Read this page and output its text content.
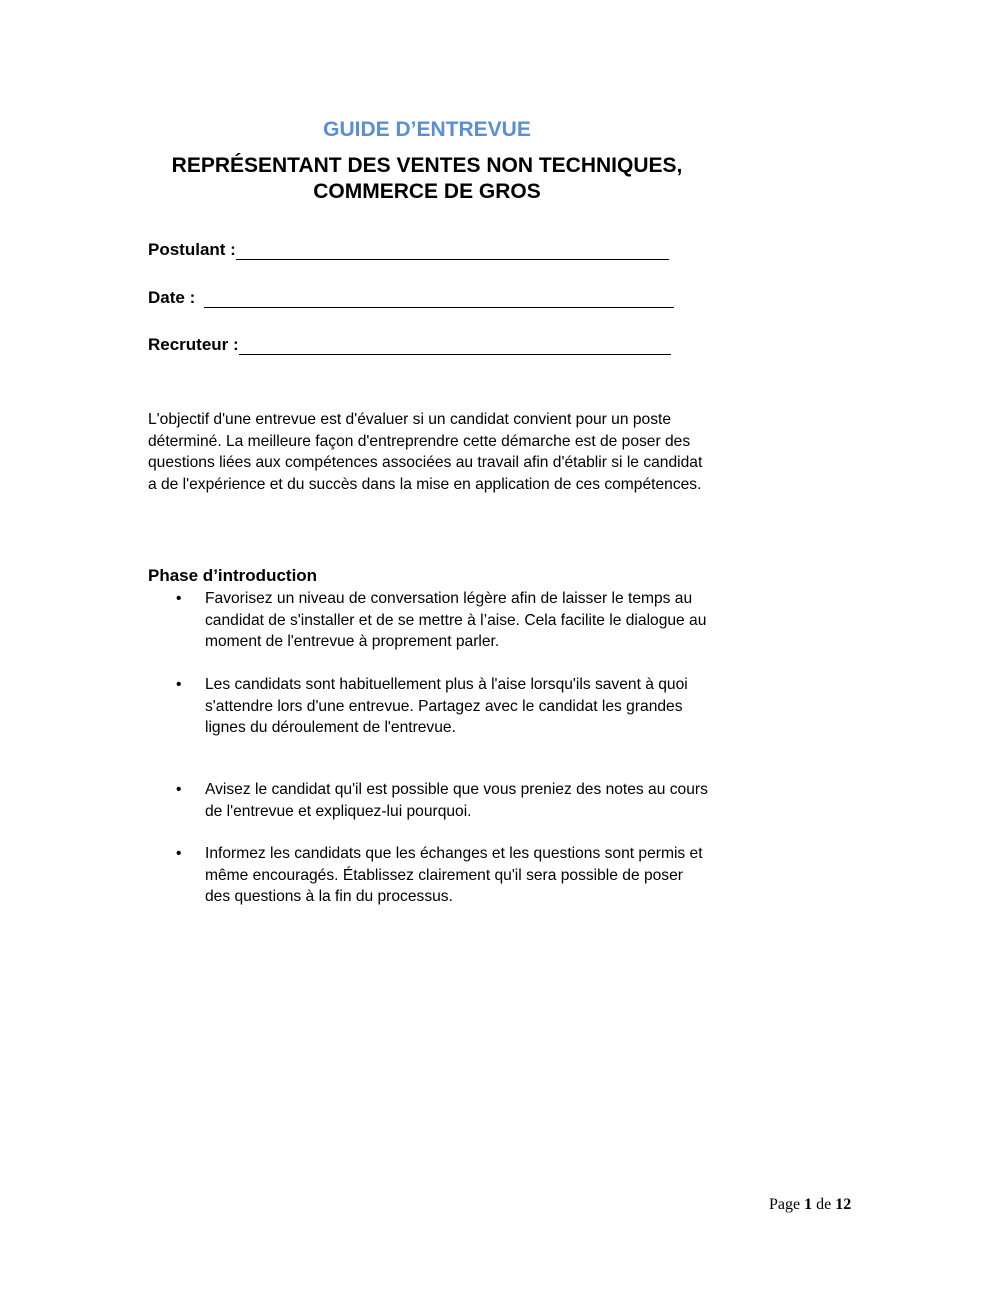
GUIDE D’ENTREVUE
REPRÉSENTANT DES VENTES NON TECHNIQUES,
COMMERCE DE GROS
Postulant :
Date :
Recruteur :

L'objectif d'une entrevue est d'évaluer si un candidat convient pour un poste déterminé. La meilleure façon d'entreprendre cette démarche est de poser des questions liées aux compétences associées au travail afin d'établir si le candidat a de l'expérience et du succès dans la mise en application de ces compétences.

Phase d’introduction
•	Favorisez un niveau de conversation légère afin de laisser le temps au candidat de s'installer et de se mettre à l’aise. Cela facilite le dialogue au moment de l'entrevue à proprement parler.
•	Les candidats sont habituellement plus à l'aise lorsqu'ils savent à quoi s'attendre lors d'une entrevue. Partagez avec le candidat les grandes lignes du déroulement de l'entrevue.
•	Avisez le candidat qu'il est possible que vous preniez des notes au cours de l'entrevue et expliquez-lui pourquoi.
•	Informez les candidats que les échanges et les questions sont permis et même encouragés. Établissez clairement qu'il sera possible de poser des questions à la fin du processus.
Page 1 de 12
